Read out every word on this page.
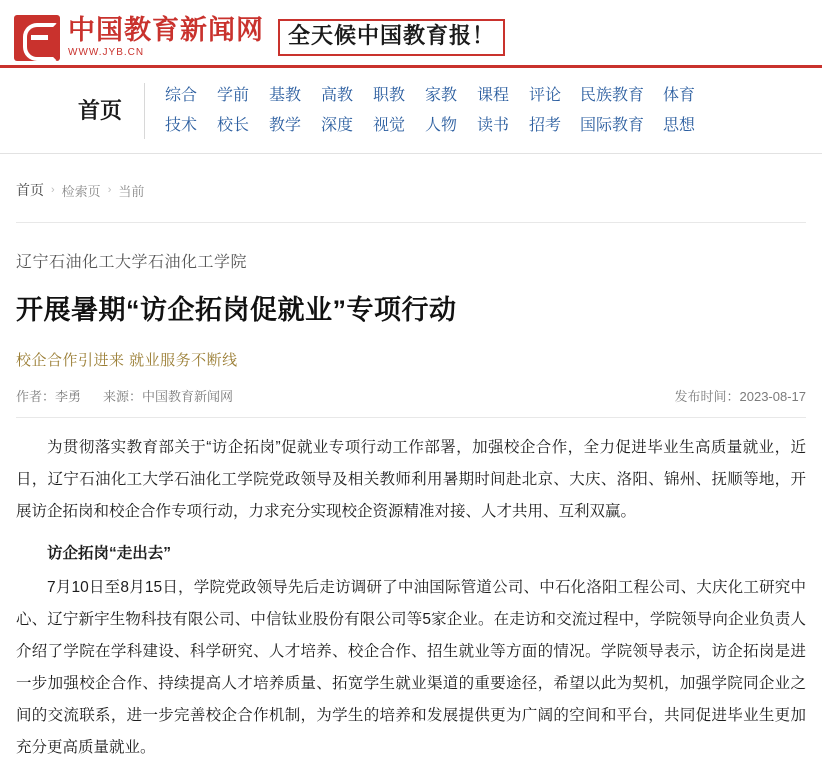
中国教育新闻网
WWW.JYB.CN
全天候中国教育报！
首页
综合
技术
学前
校长
基教
教学
高教
深度
职教
视觉
家教
人物
课程
读书
评论
招考
民族教育
国际教育
体育
思想
首页 › 检索页 › 当前
辽宁石油化工大学石油化工学院
开展暑期“访企拓岗促就业”专项行动
校企合作引进来 就业服务不断线
作者：李勇 来源：中国教育新闻网	发布时间：2023-08-17

为贯彻落实教育部关于“访企拓岗”促就业专项行动工作部署，加强校企合作，全力促进毕业生高质量就业，近日，辽宁石油化工大学石油化工学院党政领导及相关教师利用暑期时间赴北京、大庆、洛阳、锦州、抚顺等地，开展访企拓岗和校企合作专项行动，力求充分实现校企资源精准对接、人才共用、互利双赢。

访企拓岗“走出去”

7月10日至8月15日，学院党政领导先后走访调研了中油国际管道公司、中石化洛阳工程公司、大庆化工研究中心、辽宁新宇生物科技有限公司、中信钛业股份有限公司等5家企业。在走访和交流过程中，学院领导向企业负责人介绍了学院在学科建设、科学研究、人才培养、校企合作、招生就业等方面的情况。学院领导表示，访企拓岗是进一步加强校企合作、持续提高人才培养质量、拓宽学生就业渠道的重要途径，希望以此为契机，加强学院同企业之间的交流联系，进一步完善校企合作机制，为学生的培养和发展提供更为广阔的空间和平台，共同促进毕业生更加充分更高质量就业。
